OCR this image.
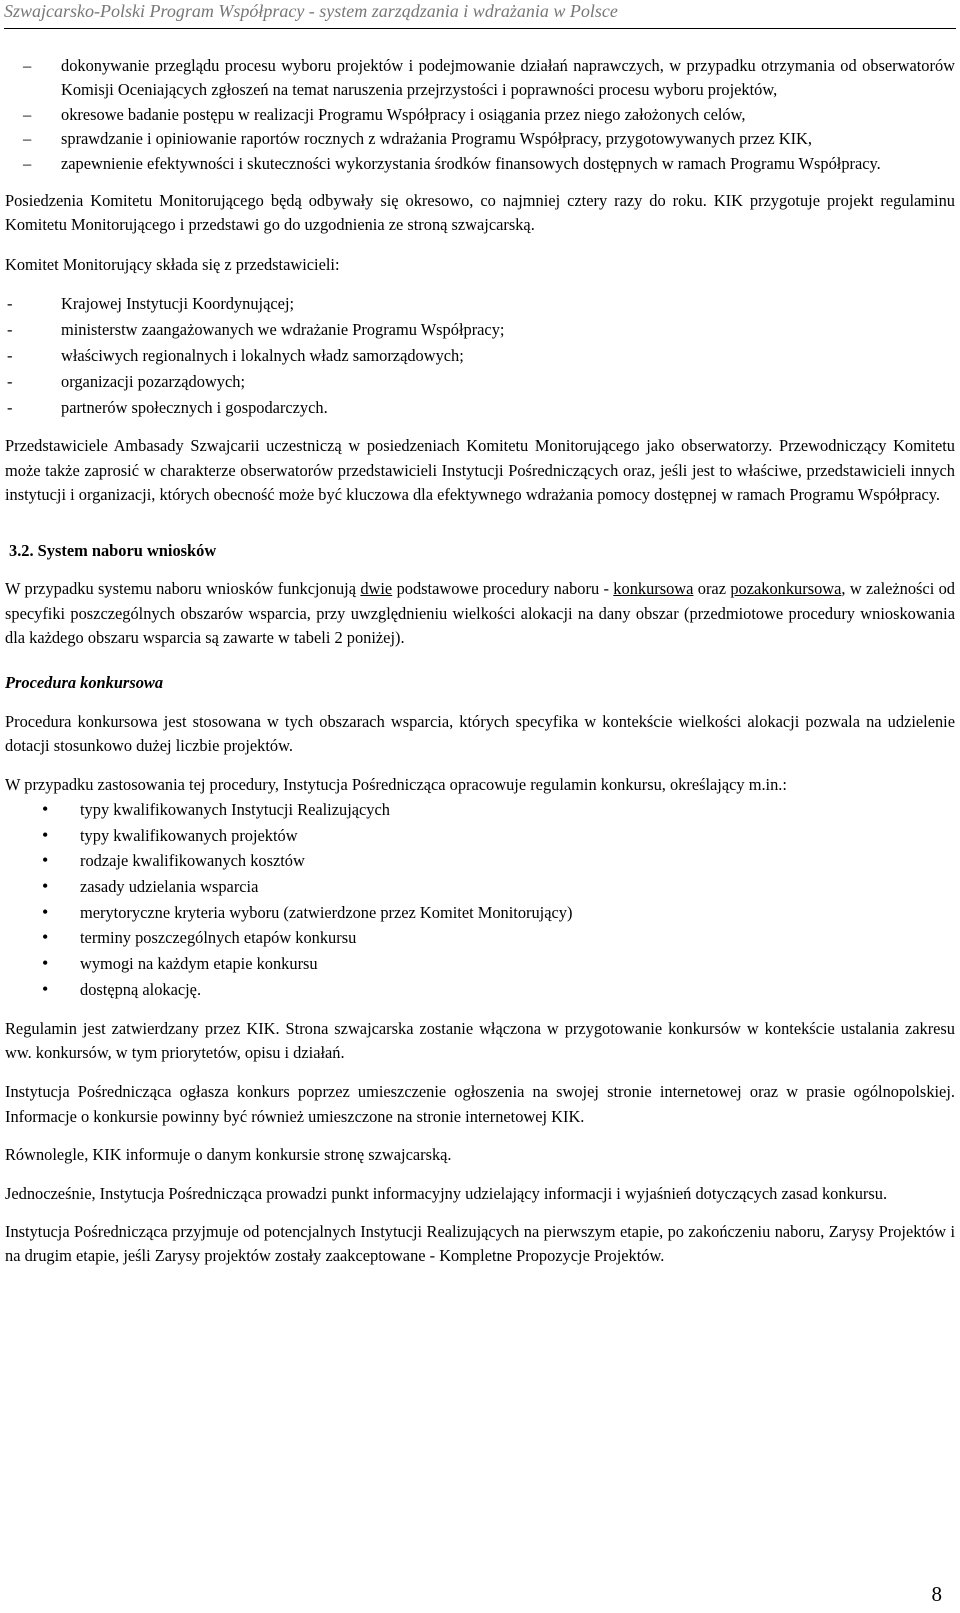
Szwajcarsko-Polski Program Współpracy - system zarządzania i wdrażania w Polsce
– dokonywanie przeglądu procesu wyboru projektów i podejmowanie działań naprawczych, w przypadku otrzymania od obserwatorów Komisji Oceniających zgłoszeń na temat naruszenia przejrzystości i poprawności procesu wyboru projektów,
– okresowe badanie postępu w realizacji Programu Współpracy i osiągania przez niego założonych celów,
– sprawdzanie i opiniowanie raportów rocznych z wdrażania Programu Współpracy, przygotowywanych przez KIK,
– zapewnienie efektywności i skuteczności wykorzystania środków finansowych dostępnych w ramach Programu Współpracy.

Posiedzenia Komitetu Monitorującego będą odbywały się okresowo, co najmniej cztery razy do roku. KIK przygotuje projekt regulaminu Komitetu Monitorującego i przedstawi go do uzgodnienia ze stroną szwajcarską.

Komitet Monitorujący składa się z przedstawicieli:

-	Krajowej Instytucji Koordynującej;
-	ministerstw zaangażowanych we wdrażanie Programu Współpracy;
-	właściwych regionalnych i lokalnych władz samorządowych;
-	organizacji pozarządowych;
-	partnerów społecznych i gospodarczych.

Przedstawiciele Ambasady Szwajcarii uczestniczą w posiedzeniach Komitetu Monitorującego jako obserwatorzy. Przewodniczący Komitetu może także zaprosić w charakterze obserwatorów przedstawicieli Instytucji Pośredniczących oraz, jeśli jest to właściwe, przedstawicieli innych instytucji i organizacji, których obecność może być kluczowa dla efektywnego wdrażania pomocy dostępnej w ramach Programu Współpracy.

3.2. System naboru wniosków

W przypadku systemu naboru wniosków funkcjonują dwie podstawowe procedury naboru - konkursowa oraz pozakonkursowa, w zależności od specyfiki poszczególnych obszarów wsparcia, przy uwzględnieniu wielkości alokacji na dany obszar (przedmiotowe procedury wnioskowania dla każdego obszaru wsparcia są zawarte w tabeli 2 poniżej).

Procedura konkursowa

Procedura konkursowa jest stosowana w tych obszarach wsparcia, których specyfika w kontekście wielkości alokacji pozwala na udzielenie dotacji stosunkowo dużej liczbie projektów.

W przypadku zastosowania tej procedury, Instytucja Pośrednicząca opracowuje regulamin konkursu, określający m.in.:

• typy kwalifikowanych Instytucji Realizujących
• typy kwalifikowanych projektów
• rodzaje kwalifikowanych kosztów
• zasady udzielania wsparcia
• merytoryczne kryteria wyboru (zatwierdzone przez Komitet Monitorujący)
• terminy poszczególnych etapów konkursu
• wymogi na każdym etapie konkursu
• dostępną alokację.

Regulamin jest zatwierdzany przez KIK. Strona szwajcarska zostanie włączona w przygotowanie konkursów w kontekście ustalania zakresu ww. konkursów, w tym priorytetów, opisu i działań.

Instytucja Pośrednicząca ogłasza konkurs poprzez umieszczenie ogłoszenia na swojej stronie internetowej oraz w prasie ogólnopolskiej. Informacje o konkursie powinny być również umieszczone na stronie internetowej KIK.

Równolegle, KIK informuje o danym konkursie stronę szwajcarską.

Jednocześnie, Instytucja Pośrednicząca prowadzi punkt informacyjny udzielający informacji i wyjaśnień dotyczących zasad konkursu.

Instytucja Pośrednicząca przyjmuje od potencjalnych Instytucji Realizujących na pierwszym etapie, po zakończeniu naboru, Zarysy Projektów i na drugim etapie, jeśli Zarysy projektów zostały zaakceptowane - Kompletne Propozycje Projektów.

8
